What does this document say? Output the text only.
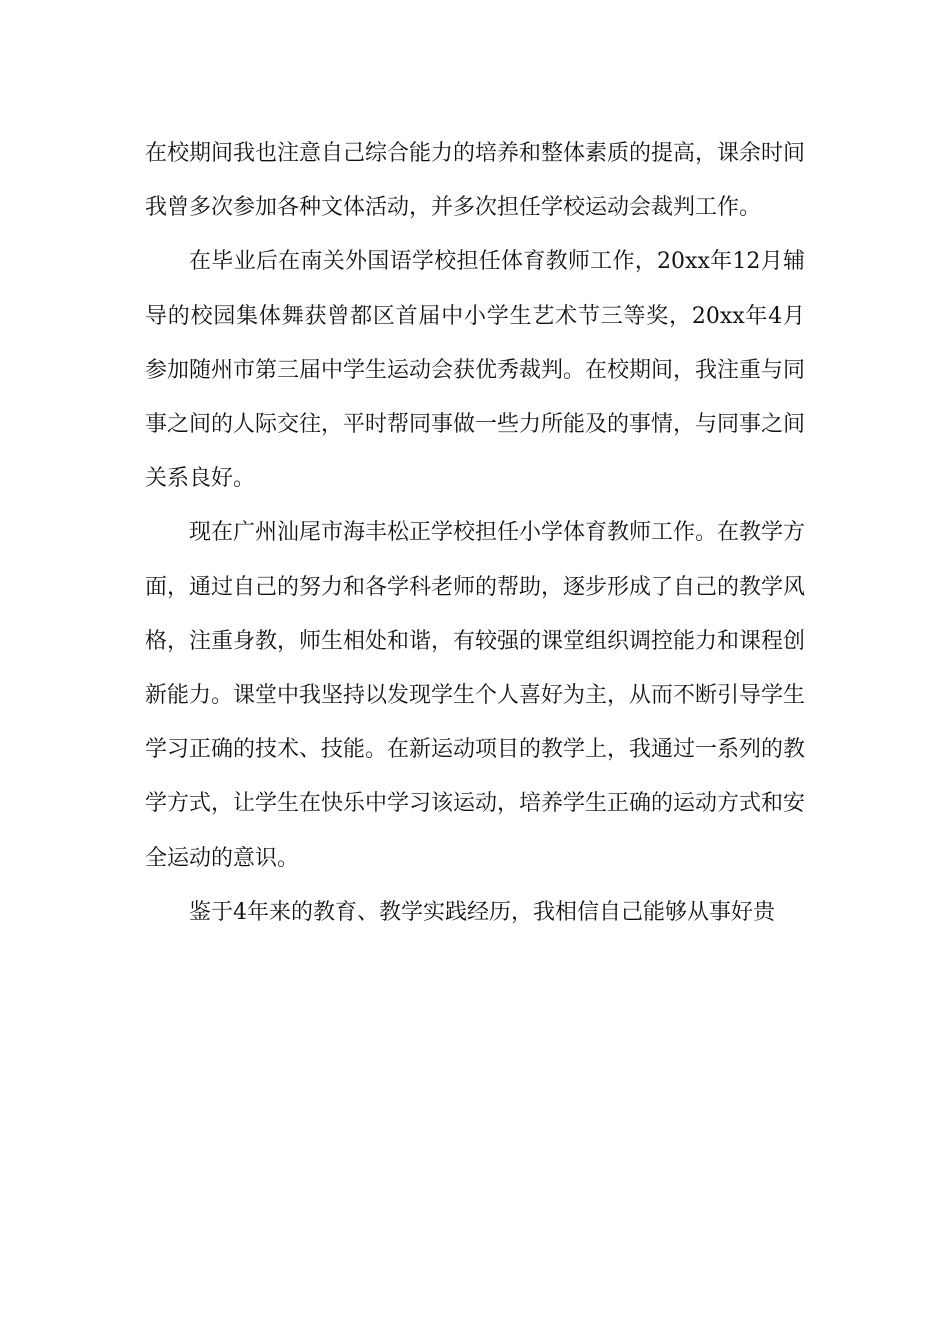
在校期间我也注意自己综合能力的培养和整体素质的提高，课余时间我曾多次参加各种文体活动，并多次担任学校运动会裁判工作。

在毕业后在南关外国语学校担任体育教师工作，20xx年12月辅导的校园集体舞获曾都区首届中小学生艺术节三等奖，20xx年4月参加随州市第三届中学生运动会获优秀裁判。在校期间，我注重与同事之间的人际交往，平时帮同事做一些力所能及的事情，与同事之间关系良好。

现在广州汕尾市海丰松正学校担任小学体育教师工作。在教学方面，通过自己的努力和各学科老师的帮助，逐步形成了自己的教学风格，注重身教，师生相处和谐，有较强的课堂组织调控能力和课程创新能力。课堂中我坚持以发现学生个人喜好为主，从而不断引导学生学习正确的技术、技能。在新运动项目的教学上，我通过一系列的教学方式，让学生在快乐中学习该运动，培养学生正确的运动方式和安全运动的意识。

鉴于4年来的教育、教学实践经历，我相信自己能够从事好贵
